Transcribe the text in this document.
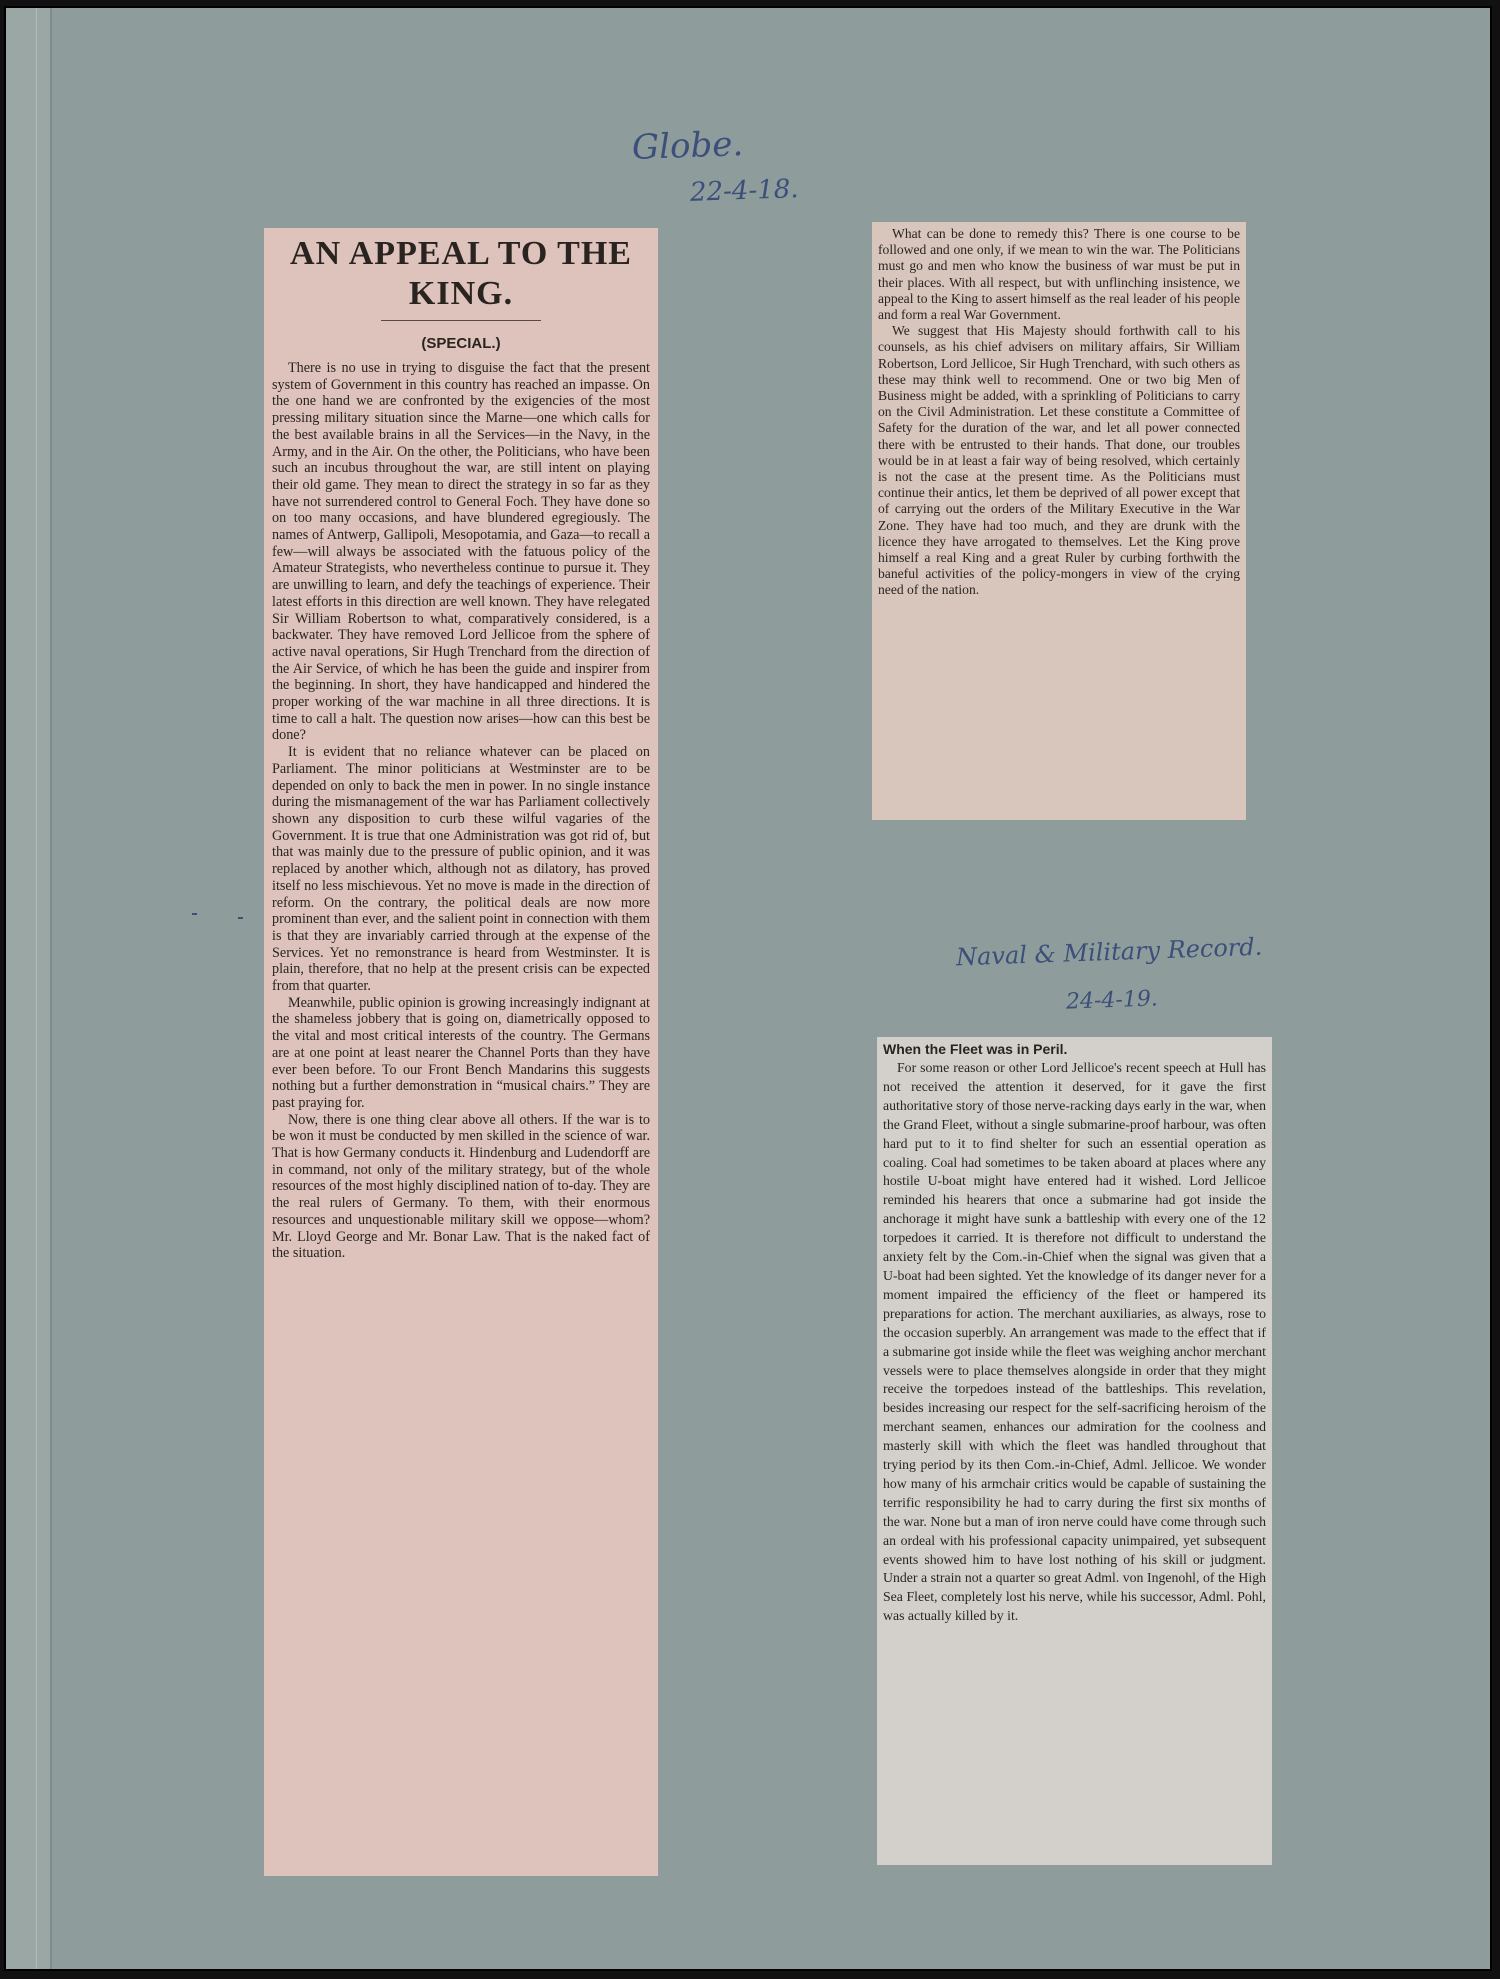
Globe.
22-4-18.
Naval & Military Record.
24-4-19.
AN APPEAL TO THE KING.
(SPECIAL.)

There is no use in trying to disguise the fact that the present system of Government in this country has reached an impasse. On the one hand we are confronted by the exigencies of the most pressing military situation since the Marne—one which calls for the best available brains in all the Services—in the Navy, in the Army, and in the Air. On the other, the Politicians, who have been such an incubus throughout the war, are still intent on playing their old game. They mean to direct the strategy in so far as they have not surrendered control to General Foch. They have done so on too many occasions, and have blundered egregiously. The names of Antwerp, Gallipoli, Mesopotamia, and Gaza—to recall a few—will always be associated with the fatuous policy of the Amateur Strategists, who nevertheless continue to pursue it. They are unwilling to learn, and defy the teachings of experience. Their latest efforts in this direction are well known. They have relegated Sir William Robertson to what, comparatively considered, is a backwater. They have removed Lord Jellicoe from the sphere of active naval operations, Sir Hugh Trenchard from the direction of the Air Service, of which he has been the guide and inspirer from the beginning. In short, they have handicapped and hindered the proper working of the war machine in all three directions. It is time to call a halt. The question now arises—how can this best be done?

It is evident that no reliance whatever can be placed on Parliament. The minor politicians at Westminster are to be depended on only to back the men in power. In no single instance during the mismanagement of the war has Parliament collectively shown any disposition to curb these wilful vagaries of the Government. It is true that one Administration was got rid of, but that was mainly due to the pressure of public opinion, and it was replaced by another which, although not as dilatory, has proved itself no less mischievous. Yet no move is made in the direction of reform. On the contrary, the political deals are now more prominent than ever, and the salient point in connection with them is that they are invariably carried through at the expense of the Services. Yet no remonstrance is heard from Westminster. It is plain, therefore, that no help at the present crisis can be expected from that quarter.

Meanwhile, public opinion is growing increasingly indignant at the shameless jobbery that is going on, diametrically opposed to the vital and most critical interests of the country. The Germans are at one point at least nearer the Channel Ports than they have ever been before. To our Front Bench Mandarins this suggests nothing but a further demonstration in “musical chairs.” They are past praying for.

Now, there is one thing clear above all others. If the war is to be won it must be conducted by men skilled in the science of war. That is how Germany conducts it. Hindenburg and Ludendorff are in command, not only of the military strategy, but of the whole resources of the most highly disciplined nation of to-day. They are the real rulers of Germany. To them, with their enormous resources and unquestionable military skill we oppose—whom? Mr. Lloyd George and Mr. Bonar Law. That is the naked fact of the situation.

What can be done to remedy this? There is one course to be followed and one only, if we mean to win the war. The Politicians must go and men who know the business of war must be put in their places. With all respect, but with unflinching insistence, we appeal to the King to assert himself as the real leader of his people and form a real War Government.

We suggest that His Majesty should forthwith call to his counsels, as his chief advisers on military affairs, Sir William Robertson, Lord Jellicoe, Sir Hugh Trenchard, with such others as these may think well to recommend. One or two big Men of Business might be added, with a sprinkling of Politicians to carry on the Civil Administration. Let these constitute a Committee of Safety for the duration of the war, and let all power connected there with be entrusted to their hands. That done, our troubles would be in at least a fair way of being resolved, which certainly is not the case at the present time. As the Politicians must continue their antics, let them be deprived of all power except that of carrying out the orders of the Military Executive in the War Zone. They have had too much, and they are drunk with the licence they have arrogated to themselves. Let the King prove himself a real King and a great Ruler by curbing forthwith the baneful activities of the policy-mongers in view of the crying need of the nation.

When the Fleet was in Peril.

For some reason or other Lord Jellicoe's recent speech at Hull has not received the attention it deserved, for it gave the first authoritative story of those nerve-racking days early in the war, when the Grand Fleet, without a single submarine-proof harbour, was often hard put to it to find shelter for such an essential operation as coaling. Coal had sometimes to be taken aboard at places where any hostile U-boat might have entered had it wished. Lord Jellicoe reminded his hearers that once a submarine had got inside the anchorage it might have sunk a battleship with every one of the 12 torpedoes it carried. It is therefore not difficult to understand the anxiety felt by the Com.-in-Chief when the signal was given that a U-boat had been sighted. Yet the knowledge of its danger never for a moment impaired the efficiency of the fleet or hampered its preparations for action. The merchant auxiliaries, as always, rose to the occasion superbly. An arrangement was made to the effect that if a submarine got inside while the fleet was weighing anchor merchant vessels were to place themselves alongside in order that they might receive the torpedoes instead of the battleships. This revelation, besides increasing our respect for the self-sacrificing heroism of the merchant seamen, enhances our admiration for the coolness and masterly skill with which the fleet was handled throughout that trying period by its then Com.-in-Chief, Adml. Jellicoe. We wonder how many of his armchair critics would be capable of sustaining the terrific responsibility he had to carry during the first six months of the war. None but a man of iron nerve could have come through such an ordeal with his professional capacity unimpaired, yet subsequent events showed him to have lost nothing of his skill or judgment. Under a strain not a quarter so great Adml. von Ingenohl, of the High Sea Fleet, completely lost his nerve, while his successor, Adml. Pohl, was actually killed by it.
